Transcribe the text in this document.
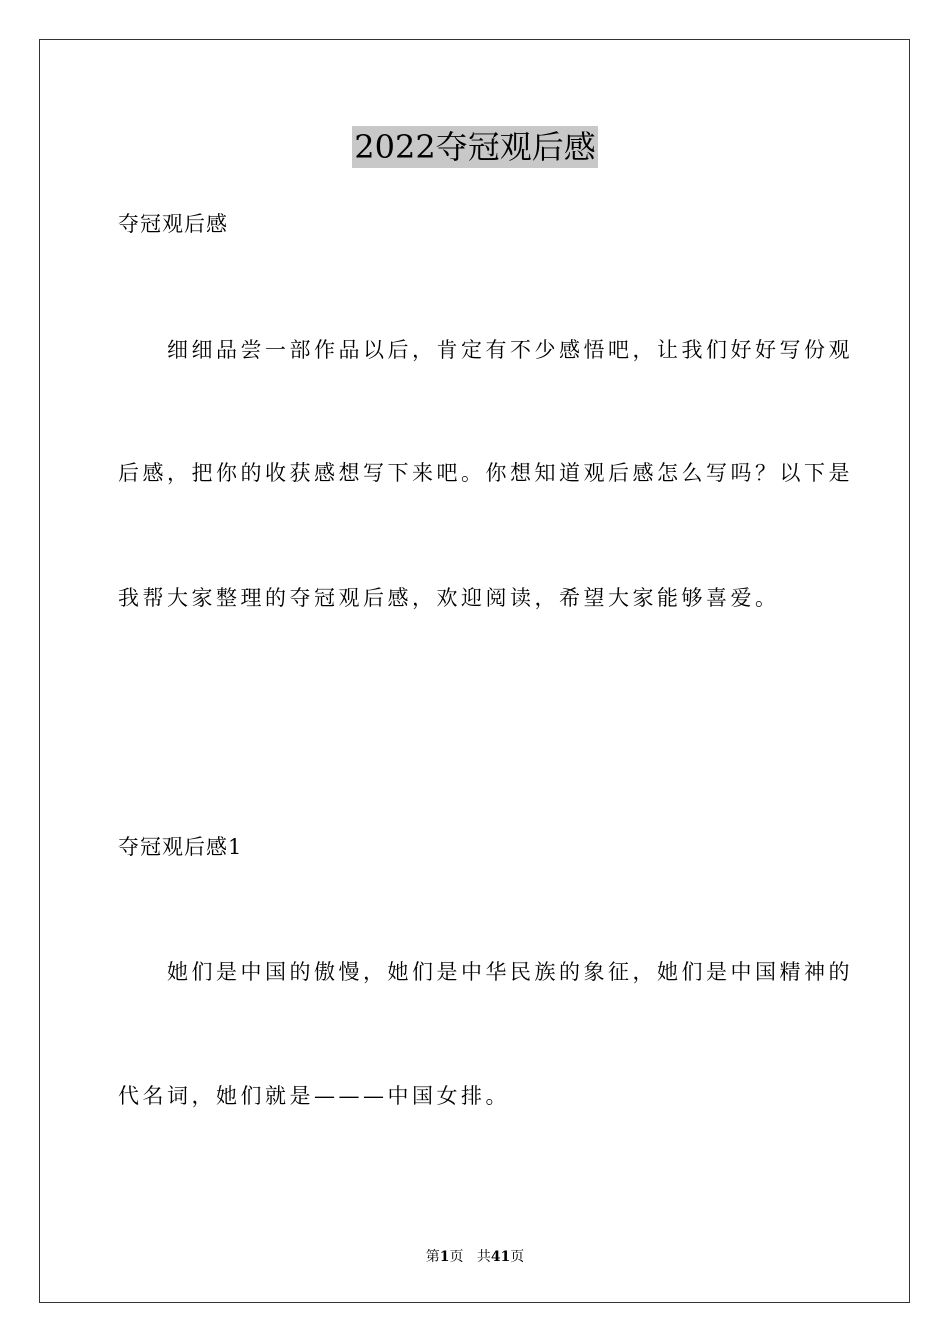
2022夺冠观后感
夺冠观后感
　　细细品尝一部作品以后，肯定有不少感悟吧，让我们好好写份观
后感，把你的收获感想写下来吧。你想知道观后感怎么写吗？以下是
我帮大家整理的夺冠观后感，欢迎阅读，希望大家能够喜爱。
夺冠观后感1
　　她们是中国的傲慢，她们是中华民族的象征，她们是中国精神的
代名词，她们就是———中国女排。
第1页 共41页
